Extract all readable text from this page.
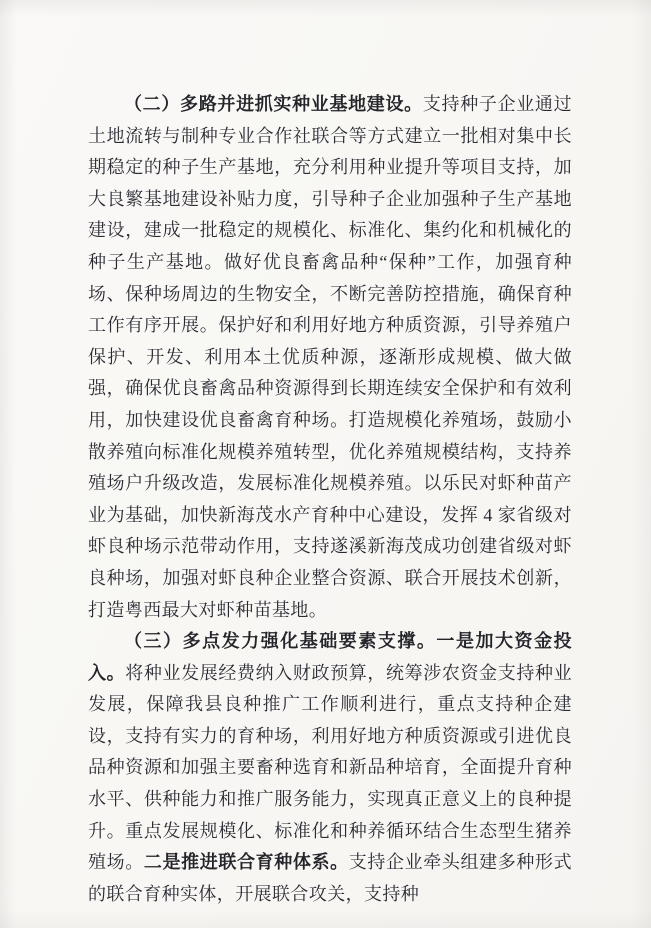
（二）多路并进抓实种业基地建设。支持种子企业通过土地流转与制种专业合作社联合等方式建立一批相对集中长期稳定的种子生产基地，充分利用种业提升等项目支持，加大良繁基地建设补贴力度，引导种子企业加强种子生产基地建设，建成一批稳定的规模化、标准化、集约化和机械化的种子生产基地。做好优良畜禽品种“保种”工作，加强育种场、保种场周边的生物安全，不断完善防控措施，确保育种工作有序开展。保护好和利用好地方种质资源，引导养殖户保护、开发、利用本土优质种源，逐渐形成规模、做大做强，确保优良畜禽品种资源得到长期连续安全保护和有效利用，加快建设优良畜禽育种场。打造规模化养殖场，鼓励小散养殖向标准化规模养殖转型，优化养殖规模结构，支持养殖场户升级改造，发展标准化规模养殖。以乐民对虾种苗产业为基础，加快新海茂水产育种中心建设，发挥 4 家省级对虾良种场示范带动作用，支持遂溪新海茂成功创建省级对虾良种场，加强对虾良种企业整合资源、联合开展技术创新，打造粤西最大对虾种苗基地。

（三）多点发力强化基础要素支撑。一是加大资金投入。将种业发展经费纳入财政预算，统筹涉农资金支持种业发展，保障我县良种推广工作顺利进行，重点支持种企建设，支持有实力的育种场，利用好地方种质资源或引进优良品种资源和加强主要畜种选育和新品种培育，全面提升育种水平、供种能力和推广服务能力，实现真正意义上的良种提升。重点发展规模化、标准化和种养循环结合生态型生猪养殖场。二是推进联合育种体系。支持企业牵头组建多种形式的联合育种实体，开展联合攻关，支持种
